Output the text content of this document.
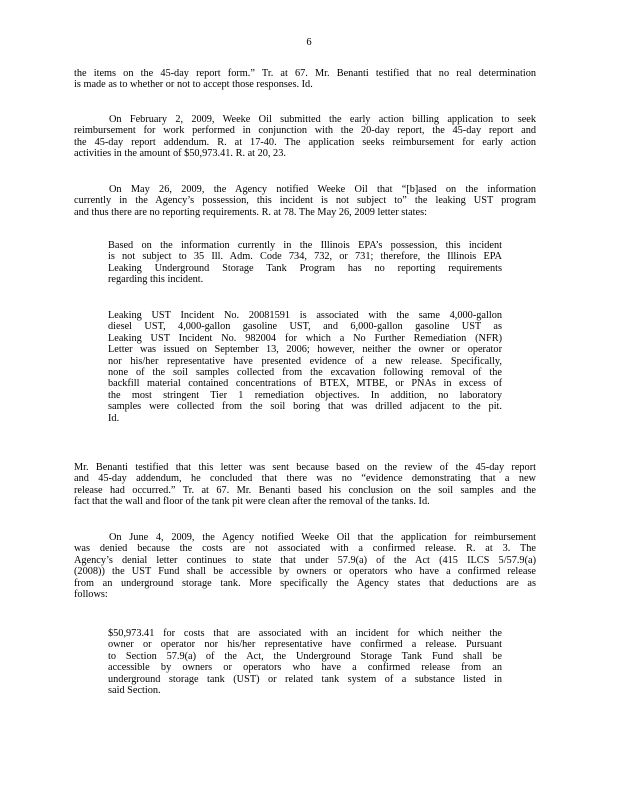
6
the items on the 45-day report form.” Tr. at 67. Mr. Benanti testified that no real determination
is made as to whether or not to accept those responses. Id.
On February 2, 2009, Weeke Oil submitted the early action billing application to seek
reimbursement for work performed in conjunction with the 20-day report, the 45-day report and
the 45-day report addendum. R. at 17-40. The application seeks reimbursement for early action
activities in the amount of $50,973.41. R. at 20, 23.
On May 26, 2009, the Agency notified Weeke Oil that “[b]ased on the information
currently in the Agency’s possession, this incident is not subject to” the leaking UST program
and thus there are no reporting requirements. R. at 78. The May 26, 2009 letter states:
Based on the information currently in the Illinois EPA’s possession, this incident
is not subject to 35 Ill. Adm. Code 734, 732, or 731; therefore, the Illinois EPA
Leaking Underground Storage Tank Program has no reporting requirements
regarding this incident.
Leaking UST Incident No. 20081591 is associated with the same 4,000-gallon
diesel UST, 4,000-gallon gasoline UST, and 6,000-gallon gasoline UST as
Leaking UST Incident No. 982004 for which a No Further Remediation (NFR)
Letter was issued on September 13, 2006; however, neither the owner or operator
nor his/her representative have presented evidence of a new release. Specifically,
none of the soil samples collected from the excavation following removal of the
backfill material contained concentrations of BTEX, MTBE, or PNAs in excess of
the most stringent Tier 1 remediation objectives. In addition, no laboratory
samples were collected from the soil boring that was drilled adjacent to the pit.
Id.
Mr. Benanti testified that this letter was sent because based on the review of the 45-day report
and 45-day addendum, he concluded that there was no “evidence demonstrating that a new
release had occurred.” Tr. at 67. Mr. Benanti based his conclusion on the soil samples and the
fact that the wall and floor of the tank pit were clean after the removal of the tanks. Id.
On June 4, 2009, the Agency notified Weeke Oil that the application for reimbursement
was denied because the costs are not associated with a confirmed release. R. at 3. The
Agency’s denial letter continues to state that under 57.9(a) of the Act (415 ILCS 5/57.9(a)
(2008)) the UST Fund shall be accessible by owners or operators who have a confirmed release
from an underground storage tank. More specifically the Agency states that deductions are as
follows:
$50,973.41 for costs that are associated with an incident for which neither the
owner or operator nor his/her representative have confirmed a release. Pursuant
to Section 57.9(a) of the Act, the Underground Storage Tank Fund shall be
accessible by owners or operators who have a confirmed release from an
underground storage tank (UST) or related tank system of a substance listed in
said Section.
